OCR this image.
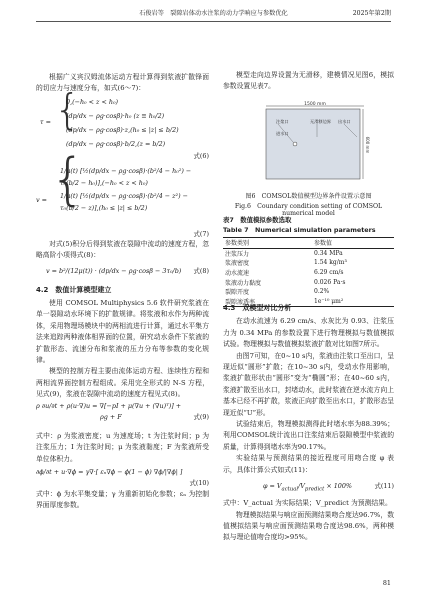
石俊岩等　裂隙岩体动水注浆的动力学响应与参数优化	2025年第2期

根据广义宾汉姆流体运动方程计算得到浆液扩散锋面的切应力与速度分布，如式(6～7)：

τ = {
0,(−h₀ < z < h₀)
(dp/dx − ρg·cosβ)·h₀ (z ≡ h₀/2)
(dp/dx − ρg·cosβ)·z,(h₀ ≤ |z| ≤ b/2)
(dp/dx − ρg·cosβ)·b/2,(z = b/2)
式(6)
v = {
1/μ(t) [½(dp/dx − ρg·cosβ)·(b²/4 − h₀²) −
τ₀(b/2 − h₀)],(−h₀ < z < h₀)
1/μ(t) [½(dp/dx − ρg·cosβ)·(b²/4 − z²) −
τ₀(b/2 − z)],(h₀ ≤ |z| ≤ b/2)
式(7)

对式(5)积分后得到浆液在裂隙中流动的速度方程，忽略高阶小项得式(8)：

v = b²/(12μ(t)) · (dp/dx − ρg·cosβ − 3τ₀/b) 式(8)
4.2　数值计算模型建立

使用 COMSOL Multiphysics 5.6 软件研究浆液在单一裂隙动水环境下的扩散规律。将浆液和水作为两种流体，采用物理场模块中的两相流进行计算，通过水平集方法来追踪两种液体相界面的位置，研究动水条件下浆液的扩散形态、流速分布和浆液的压力分布等参数的变化规律。

模型的控制方程主要由流体运动方程、连续性方程和两相流界面控制方程组成。采用完全形式的 N-S 方程，见式(9)，浆液在裂隙中流动的速度方程见式(8)。

ρ ∂u/∂t + ρ(u·∇)u = ∇[−pI + μ(∇u + (∇u)ᵀ)] +
ρg + F	式(9)

式中：ρ 为浆液密度；u 为速度场；t 为注浆时间；p 为注浆压力；I 为注浆时间；μ 为浆液黏度；F 为浆液所受单位体积力。

∂ϕ/∂t + u·∇ϕ = γ∇·[ εₙ∇ϕ − ϕ(1 − ϕ) ∇ϕ/|∇ϕ| ]
式(10)

式中：ϕ 为水平集变量；γ 为重新初始化参数；εₙ 为控制界面厚度参数。

模型走向边界设置为无滑移，建模情况见图6，模拟参数设置见表7。

1500 mm
600 mm
注浆口
进水口
无滑移边界 出水口
图6　COMSOL数值模型边界条件设置示意图
Fig.6　Coundary condition setting of COMSOL numerical model
表7　数值模拟参数选取
Table 7　Numerical simulation parameters
参数类别	参数值
注浆压力	0.34 MPa
浆液密度	1.54 kg/m³
动水流速	6.29 cm/s
浆液动力黏度	0.026 Pa·s
裂隙开度	0.2%
裂隙渗透率	1e⁻¹⁰ μm²
4.3　双模型对比分析

在动水流速为 6.29 cm/s、水灰比为 0.93、注浆压力为 0.34 MPa 的参数设置下进行物理模拟与数值模拟试验。物理模拟与数值模拟浆液扩散对比如图7所示。

由图7可知，在0~10 s内，浆液由注浆口至出口，呈现近似“圆形”扩散；在10~30 s内，受动水作用影响，浆液扩散形状由“圆形”变为“椭圆”形；在40~60 s内，浆液扩散至出水口，封堵动水，此时浆液在逆水流方向上基本已经不再扩散，浆液正向扩散至出水口，扩散形态呈现近似“U”形。

试验结束后，物理模拟测得此时堵水率为88.39%；利用COMSOL统计流出口注浆结束后裂隙模型中浆液的质量，计算得到堵水率为90.17%。

实验结果与预测结果的接近程度可用吻合度 φ 表示，具体计算公式如式(11)：

$\varphi = V_{actual}/V_{predict} \times 100\%$	式(11)

式中：V_actual 为实际结果；V_predict 为预测结果。

物理模拟结果与响应面预测结果吻合度达96.7%，数值模拟结果与响应面预测结果吻合度达98.6%，两种模拟与理论值吻合度均>95%。

81
